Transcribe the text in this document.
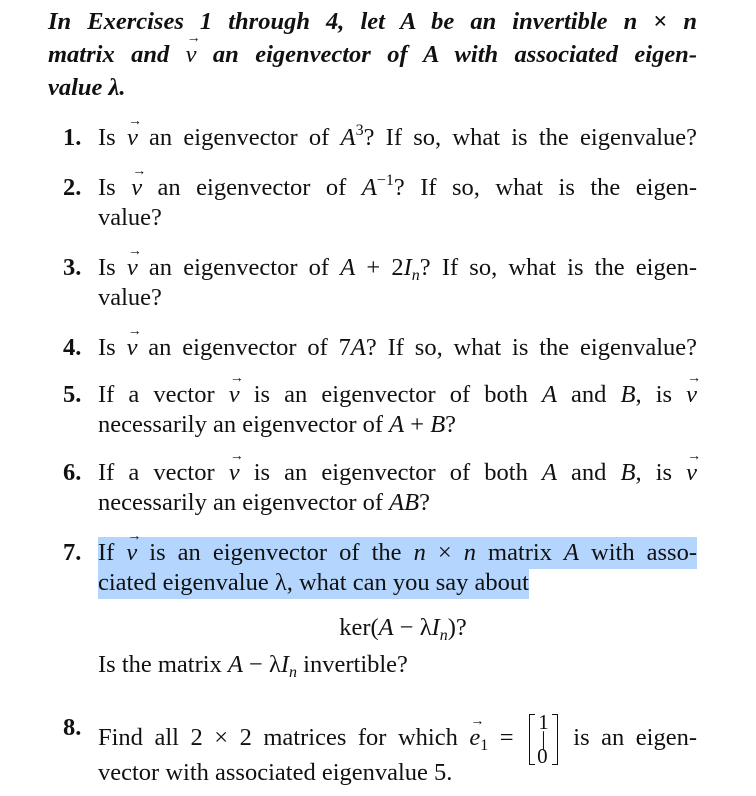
In Exercises 1 through 4, let A be an invertible n × n
matrix and → v an eigenvector of A with associated eigen-
value λ.
1. Is → v an eigenvector of $A^3$? If so, what is the eigenvalue?
2. Is → v an eigenvector of $A^{-1}$? If so, what is the eigen-
value?
3. Is → v an eigenvector of $A + 2I_n$? If so, what is the eigen-
value?
4. Is → v an eigenvector of 7A? If so, what is the eigenvalue?
5. If a vector → v is an eigenvector of both A and B, is → v
necessarily an eigenvector of A + B?
6. If a vector → v is an eigenvector of both A and B, is → v
necessarily an eigenvector of AB?
7. If → v is an eigenvector of the n × n matrix A with asso-
ciated eigenvalue λ, what can you say about
$ker(A - \lambda I_n)$?
Is the matrix $A - \lambda I_n$ invertible?
8. Find all 2 × 2 matrices for which → $e_1$ =
1|0
is an eigen-
vector with associated eigenvalue 5.
